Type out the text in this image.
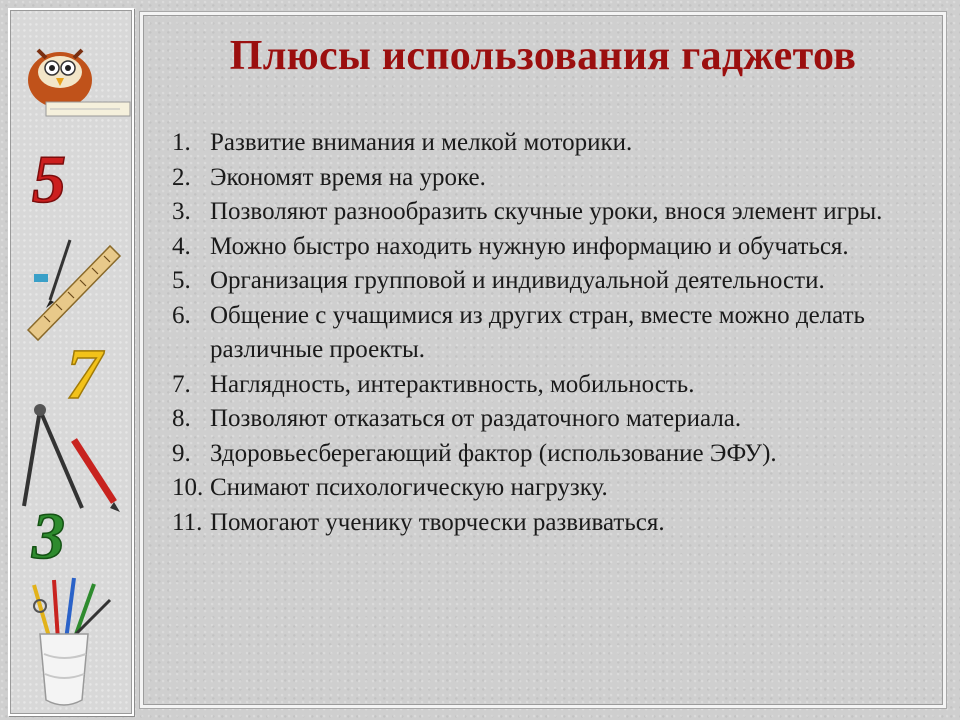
5
7
3
Плюсы использования гаджетов
1. Развитие внимания и мелкой моторики.
2. Экономят время на уроке.
3. Позволяют разнообразить скучные уроки, внося элемент игры.
4. Можно быстро находить нужную информацию и обучаться.
5. Организация групповой и индивидуальной деятельности.
6. Общение с учащимися из других стран, вместе можно делать различные проекты.
7. Наглядность, интерактивность, мобильность.
8. Позволяют отказаться от раздаточного материала.
9. Здоровьесберегающий фактор (использование ЭФУ).
10. Снимают психологическую нагрузку.
11. Помогают ученику творчески развиваться.
